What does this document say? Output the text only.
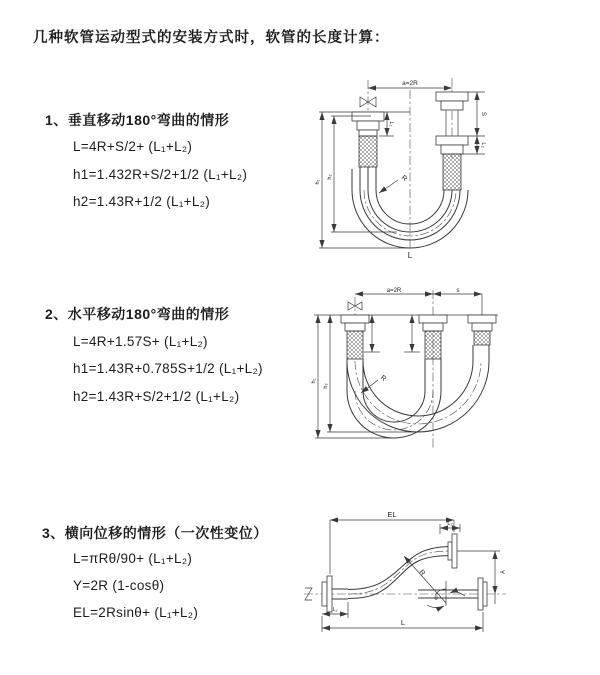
几种软管运动型式的安装方式时，软管的长度计算：
1、垂直移动180°弯曲的情形
L=4R+S/2+ (L₁+L₂)
h1=1.432R+S/2+1/2 (L₁+L₂)
h2=1.43R+1/2 (L₁+L₂)
2、水平移动180°弯曲的情形
L=4R+1.57S+ (L₁+L₂)
h1=1.43R+0.785S+1/2 (L₁+L₂)
h2=1.43R+S/2+1/2 (L₁+L₂)
3、横向位移的情形（一次性变位）
L=πRθ/90+ (L₁+L₂)
Y=2R (1-cosθ)
EL=2Rsinθ+ (L₁+L₂)
a=2R
L₁
S
L₂
h₁
h₂	R
L
a=2R	s
h₁
h₂
R
EL
L₂
Y
R
θ
L₁
L
